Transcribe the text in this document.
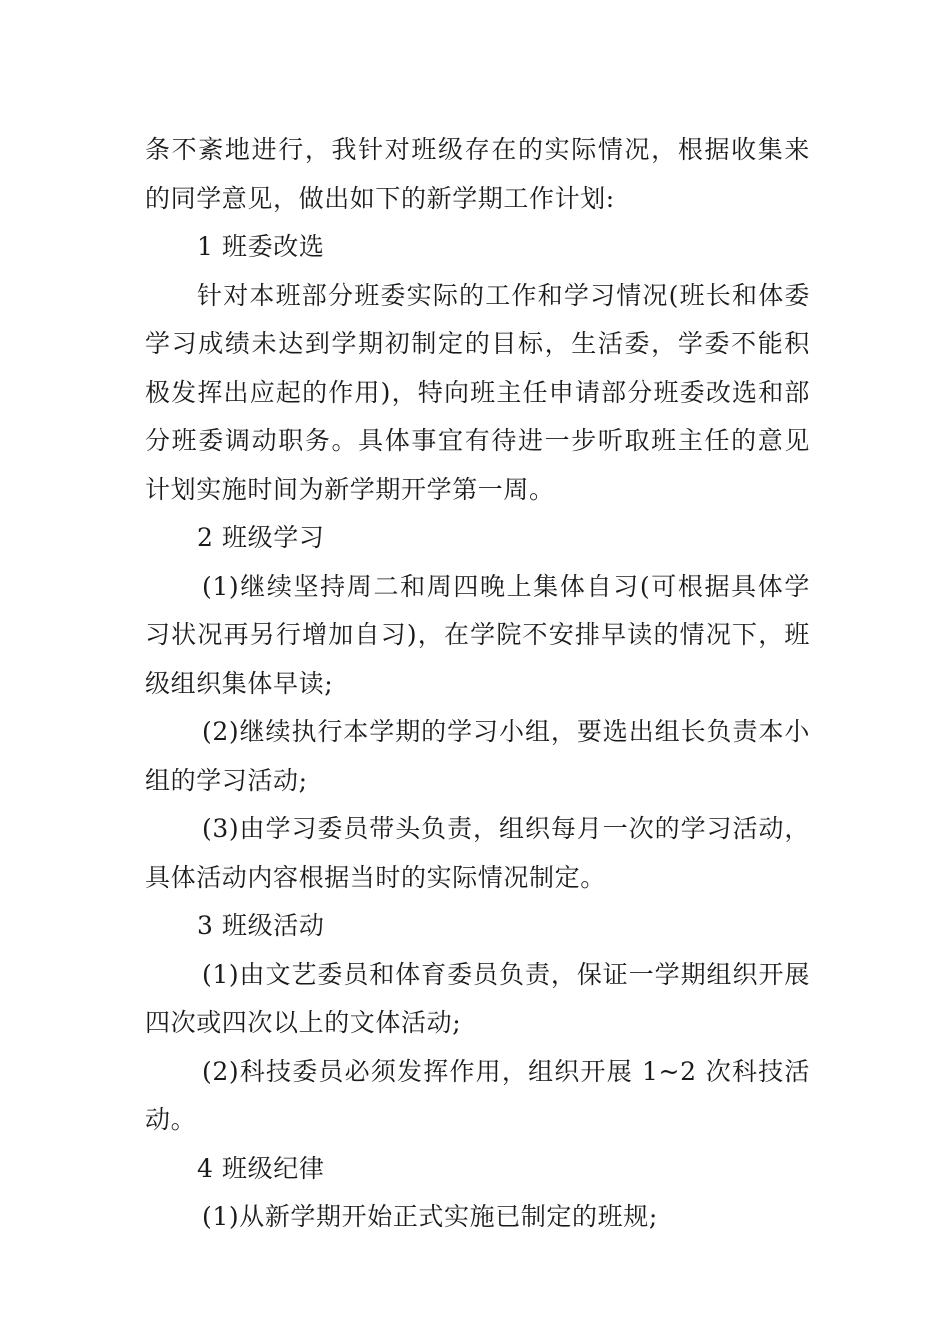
条不紊地进行，我针对班级存在的实际情况，根据收集来的同学意见，做出如下的新学期工作计划:

1 班委改选

针对本班部分班委实际的工作和学习情况(班长和体委学习成绩未达到学期初制定的目标，生活委，学委不能积极发挥出应起的作用)，特向班主任申请部分班委改选和部分班委调动职务。具体事宜有待进一步听取班主任的意见计划实施时间为新学期开学第一周。

2 班级学习

(1)继续坚持周二和周四晚上集体自习(可根据具体学习状况再另行增加自习)，在学院不安排早读的情况下，班级组织集体早读;

(2)继续执行本学期的学习小组，要选出组长负责本小组的学习活动;

(3)由学习委员带头负责，组织每月一次的学习活动，具体活动内容根据当时的实际情况制定。

3 班级活动

(1)由文艺委员和体育委员负责，保证一学期组织开展四次或四次以上的文体活动;

(2)科技委员必须发挥作用，组织开展 1~2 次科技活动。

4 班级纪律

(1)从新学期开始正式实施已制定的班规;
